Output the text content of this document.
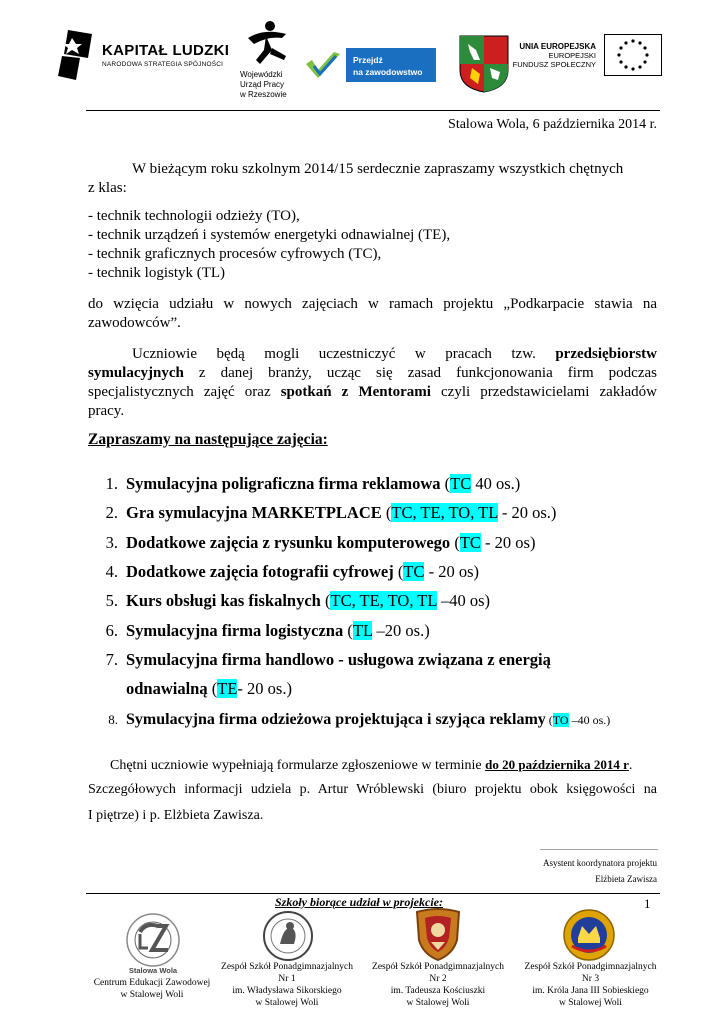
KAPITAŁ LUDZKI
NARODOWA STRATEGIA SPÓJNOŚCI
Wojewódzki
Urząd Pracy
w Rzeszowie
Przejdź
na zawodowstwo
UNIA EUROPEJSKA
EUROPEJSKI
FUNDUSZ SPOŁECZNY
Stalowa Wola, 6 października 2014 r.
W bieżącym roku szkolnym 2014/15 serdecznie zapraszamy wszystkich chętnych
z klas:
- technik technologii odzieży (TO),
- technik urządzeń i systemów energetyki odnawialnej (TE),
- technik graficznych procesów cyfrowych (TC),
- technik logistyk (TL)
do wzięcia udziału w nowych zajęciach w ramach projektu „Podkarpacie stawia na
zawodowców”.
Uczniowie będą mogli uczestniczyć w pracach tzw. przedsiębiorstw
symulacyjnych z danej branży, ucząc się zasad funkcjonowania firm podczas
specjalistycznych zajęć oraz spotkań z Mentorami czyli przedstawicielami zakładów
pracy.
Zapraszamy na następujące zajęcia:
1. Symulacyjna poligraficzna firma reklamowa (TC 40 os.)
2. Gra symulacyjna MARKETPLACE (TC, TE, TO, TL - 20 os.)
3. Dodatkowe zajęcia z rysunku komputerowego (TC - 20 os)
4. Dodatkowe zajęcia fotografii cyfrowej (TC - 20 os)
5. Kurs obsługi kas fiskalnych (TC, TE, TO, TL –40 os)
6. Symulacyjna firma logistyczna (TL –20 os.)
7. Symulacyjna firma handlowo - usługowa związana z energią
odnawialną (TE- 20 os.)
8. Symulacyjna firma odzieżowa projektująca i szyjąca reklamy (TO –40 os.)
Chętni uczniowie wypełniają formularze zgłoszeniowe w terminie do 20 października 2014 r.
Szczegółowych informacji udziela p. Artur Wróblewski (biuro projektu obok księgowości na
I piętrze) i p. Elżbieta Zawisza.
...........................................................
Asystent koordynatora projektu
Elżbieta Zawisza
Szkoły biorące udział w projekcie:	1
Stalowa Wola
Centrum Edukacji Zawodowej
w Stalowej Woli
Zespół Szkół Ponadgimnazjalnych
Nr 1
im. Władysława Sikorskiego
w Stalowej Woli
Zespół Szkół Ponadgimnazjalnych
Nr 2
im. Tadeusza Kościuszki
w Stalowej Woli
Zespół Szkół Ponadgimnazjalnych
Nr 3
im. Króla Jana III Sobieskiego
w Stalowej Woli
